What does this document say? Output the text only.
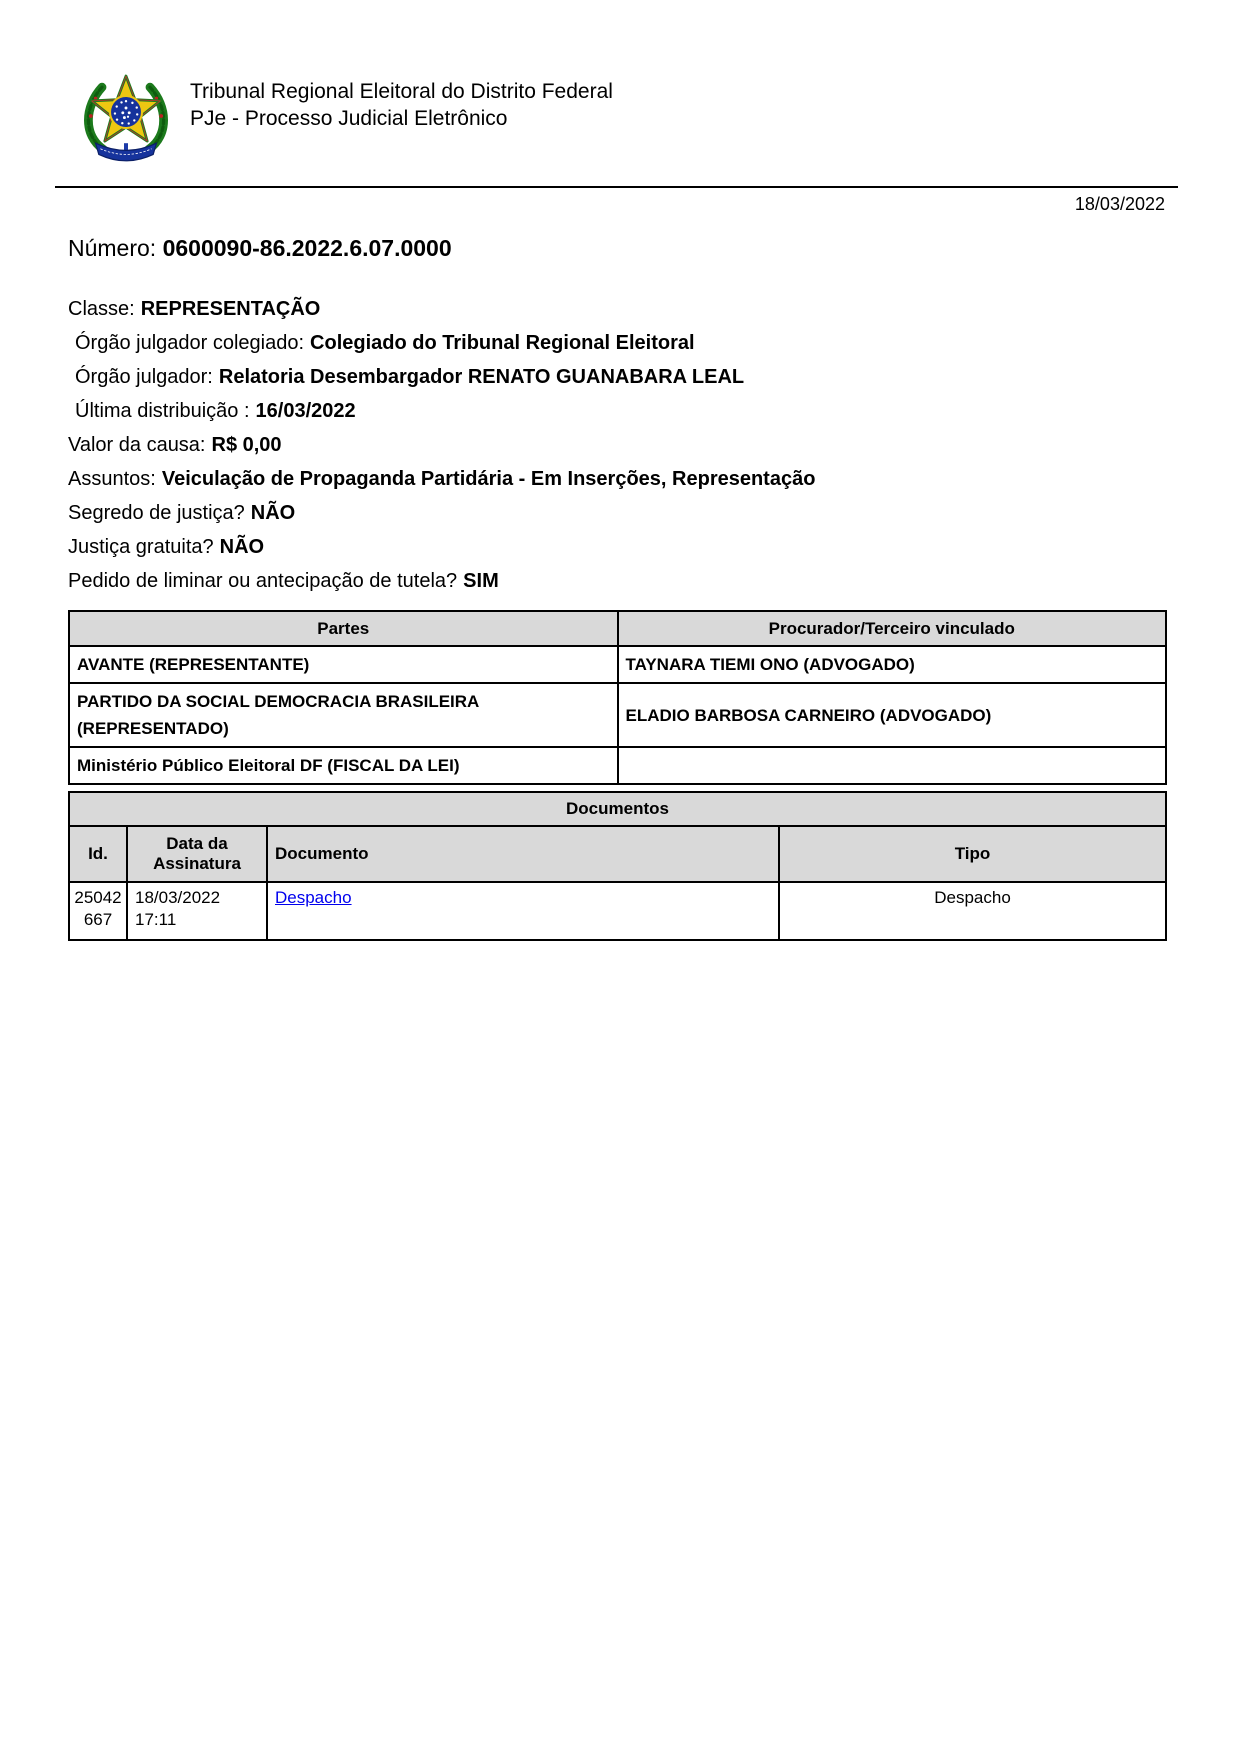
Tribunal Regional Eleitoral do Distrito Federal
PJe - Processo Judicial Eletrônico
18/03/2022
Número: 0600090-86.2022.6.07.0000
Classe: REPRESENTAÇÃO
Órgão julgador colegiado: Colegiado do Tribunal Regional Eleitoral
Órgão julgador: Relatoria Desembargador RENATO GUANABARA LEAL
Última distribuição : 16/03/2022
Valor da causa: R$ 0,00
Assuntos: Veiculação de Propaganda Partidária - Em Inserções, Representação
Segredo de justiça? NÃO
Justiça gratuita? NÃO
Pedido de liminar ou antecipação de tutela? SIM
Partes	Procurador/Terceiro vinculado
AVANTE (REPRESENTANTE)	TAYNARA TIEMI ONO (ADVOGADO)
PARTIDO DA SOCIAL DEMOCRACIA BRASILEIRA (REPRESENTADO)	ELADIO BARBOSA CARNEIRO (ADVOGADO)
Ministério Público Eleitoral DF (FISCAL DA LEI)	
Documentos			
Id.	Data da Assinatura	Documento	Tipo
25042667	18/03/2022 17:11	Despacho	Despacho
